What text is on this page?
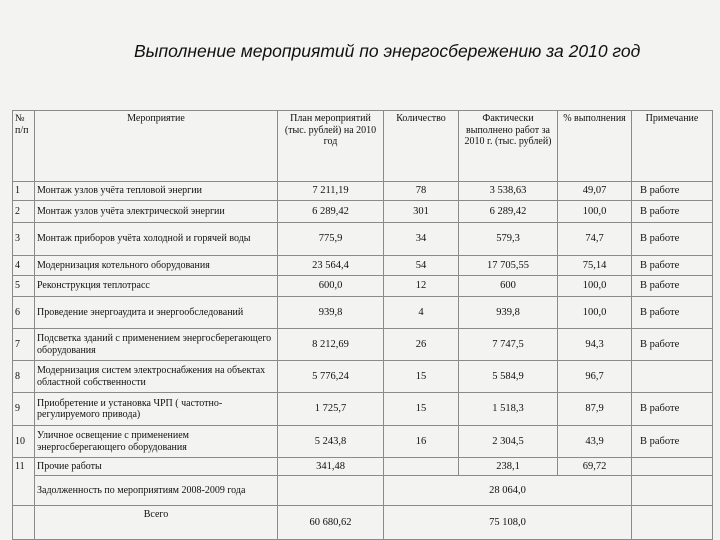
Выполнение мероприятий по энергосбережению за 2010 год
№ п/п	Мероприятие	План мероприятий (тыс. рублей) на 2010 год	Количество	Фактически выполнено работ за 2010 г. (тыс. рублей)	% выполнения	Примечание
1	Монтаж узлов учёта тепловой энергии	7 211,19	78	3 538,63	49,07	В работе
2	Монтаж узлов учёта электрической энергии	6 289,42	301	6 289,42	100,0	В работе
3	Монтаж приборов учёта холодной и горячей воды	775,9	34	579,3	74,7	В работе
4	Модернизация котельного оборудования	23 564,4	54	17 705,55	75,14	В работе
5	Реконструкция теплотрасс	600,0	12	600	100,0	В работе
6	Проведение энергоаудита и энергообследований	939,8	4	939,8	100,0	В работе
7	Подсветка зданий с применением энергосберегающего оборудования	8 212,69	26	7 747,5	94,3	В работе
8	Модернизация систем электроснабжения на объектах областной собственности	5 776,24	15	5 584,9	96,7	
9	Приобретение и установка ЧРП ( частотно-регулируемого привода)	1 725,7	15	1 518,3	87,9	В работе
10	Уличное освещение с применением энергосберегающего оборудования	5 243,8	16	2 304,5	43,9	В работе
11	Прочие работы	341,48		238,1	69,72	
	Задолженность по мероприятиям 2008-2009 года		28 064,0			
	Всего	60 680,62	75 108,0			
